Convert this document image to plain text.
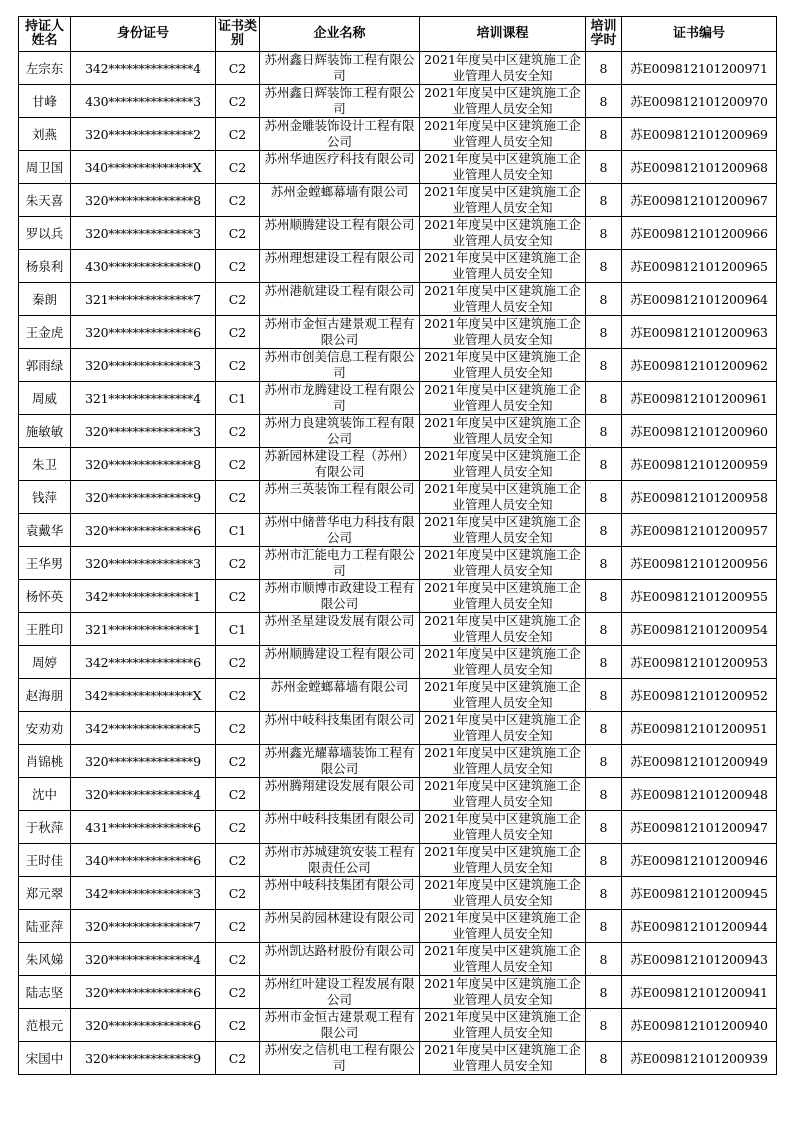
持证人姓名	身份证号	证书类别	企业名称	培训课程	培训学时	证书编号
左宗东	342**************4	C2	苏州鑫日辉装饰工程有限公司	2021年度吴中区建筑施工企业管理人员安全知	8	苏E009812101200971
甘峰	430**************3	C2	苏州鑫日辉装饰工程有限公司	2021年度吴中区建筑施工企业管理人员安全知	8	苏E009812101200970
刘燕	320**************2	C2	苏州金雕装饰设计工程有限公司	2021年度吴中区建筑施工企业管理人员安全知	8	苏E009812101200969
周卫国	340**************X	C2	苏州华迪医疗科技有限公司	2021年度吴中区建筑施工企业管理人员安全知	8	苏E009812101200968
朱天喜	320**************8	C2	苏州金螳螂幕墙有限公司	2021年度吴中区建筑施工企业管理人员安全知	8	苏E009812101200967
罗以兵	320**************3	C2	苏州顺腾建设工程有限公司	2021年度吴中区建筑施工企业管理人员安全知	8	苏E009812101200966
杨泉利	430**************0	C2	苏州理想建设工程有限公司	2021年度吴中区建筑施工企业管理人员安全知	8	苏E009812101200965
秦朗	321**************7	C2	苏州港航建设工程有限公司	2021年度吴中区建筑施工企业管理人员安全知	8	苏E009812101200964
王金虎	320**************6	C2	苏州市金恒古建景观工程有限公司	2021年度吴中区建筑施工企业管理人员安全知	8	苏E009812101200963
郭雨绿	320**************3	C2	苏州市创美信息工程有限公司	2021年度吴中区建筑施工企业管理人员安全知	8	苏E009812101200962
周威	321**************4	C1	苏州市龙腾建设工程有限公司	2021年度吴中区建筑施工企业管理人员安全知	8	苏E009812101200961
施敏敏	320**************3	C2	苏州力良建筑装饰工程有限公司	2021年度吴中区建筑施工企业管理人员安全知	8	苏E009812101200960
朱卫	320**************8	C2	苏新园林建设工程（苏州）有限公司	2021年度吴中区建筑施工企业管理人员安全知	8	苏E009812101200959
钱萍	320**************9	C2	苏州三英装饰工程有限公司	2021年度吴中区建筑施工企业管理人员安全知	8	苏E009812101200958
袁戴华	320**************6	C1	苏州中储普华电力科技有限公司	2021年度吴中区建筑施工企业管理人员安全知	8	苏E009812101200957
王华男	320**************3	C2	苏州市汇能电力工程有限公司	2021年度吴中区建筑施工企业管理人员安全知	8	苏E009812101200956
杨怀英	342**************1	C2	苏州市顺博市政建设工程有限公司	2021年度吴中区建筑施工企业管理人员安全知	8	苏E009812101200955
王胜印	321**************1	C1	苏州圣星建设发展有限公司	2021年度吴中区建筑施工企业管理人员安全知	8	苏E009812101200954
周婷	342**************6	C2	苏州顺腾建设工程有限公司	2021年度吴中区建筑施工企业管理人员安全知	8	苏E009812101200953
赵海朋	342**************X	C2	苏州金螳螂幕墙有限公司	2021年度吴中区建筑施工企业管理人员安全知	8	苏E009812101200952
安劝劝	342**************5	C2	苏州中岐科技集团有限公司	2021年度吴中区建筑施工企业管理人员安全知	8	苏E009812101200951
肖锦桃	320**************9	C2	苏州鑫光耀幕墙装饰工程有限公司	2021年度吴中区建筑施工企业管理人员安全知	8	苏E009812101200949
沈中	320**************4	C2	苏州腾翔建设发展有限公司	2021年度吴中区建筑施工企业管理人员安全知	8	苏E009812101200948
于秋萍	431**************6	C2	苏州中岐科技集团有限公司	2021年度吴中区建筑施工企业管理人员安全知	8	苏E009812101200947
王时佳	340**************6	C2	苏州市苏城建筑安装工程有限责任公司	2021年度吴中区建筑施工企业管理人员安全知	8	苏E009812101200946
郑元翠	342**************3	C2	苏州中岐科技集团有限公司	2021年度吴中区建筑施工企业管理人员安全知	8	苏E009812101200945
陆亚萍	320**************7	C2	苏州吴韵园林建设有限公司	2021年度吴中区建筑施工企业管理人员安全知	8	苏E009812101200944
朱风娣	320**************4	C2	苏州凯达路材股份有限公司	2021年度吴中区建筑施工企业管理人员安全知	8	苏E009812101200943
陆志坚	320**************6	C2	苏州红叶建设工程发展有限公司	2021年度吴中区建筑施工企业管理人员安全知	8	苏E009812101200941
范根元	320**************6	C2	苏州市金恒古建景观工程有限公司	2021年度吴中区建筑施工企业管理人员安全知	8	苏E009812101200940
宋国中	320**************9	C2	苏州安之信机电工程有限公司	2021年度吴中区建筑施工企业管理人员安全知	8	苏E009812101200939
